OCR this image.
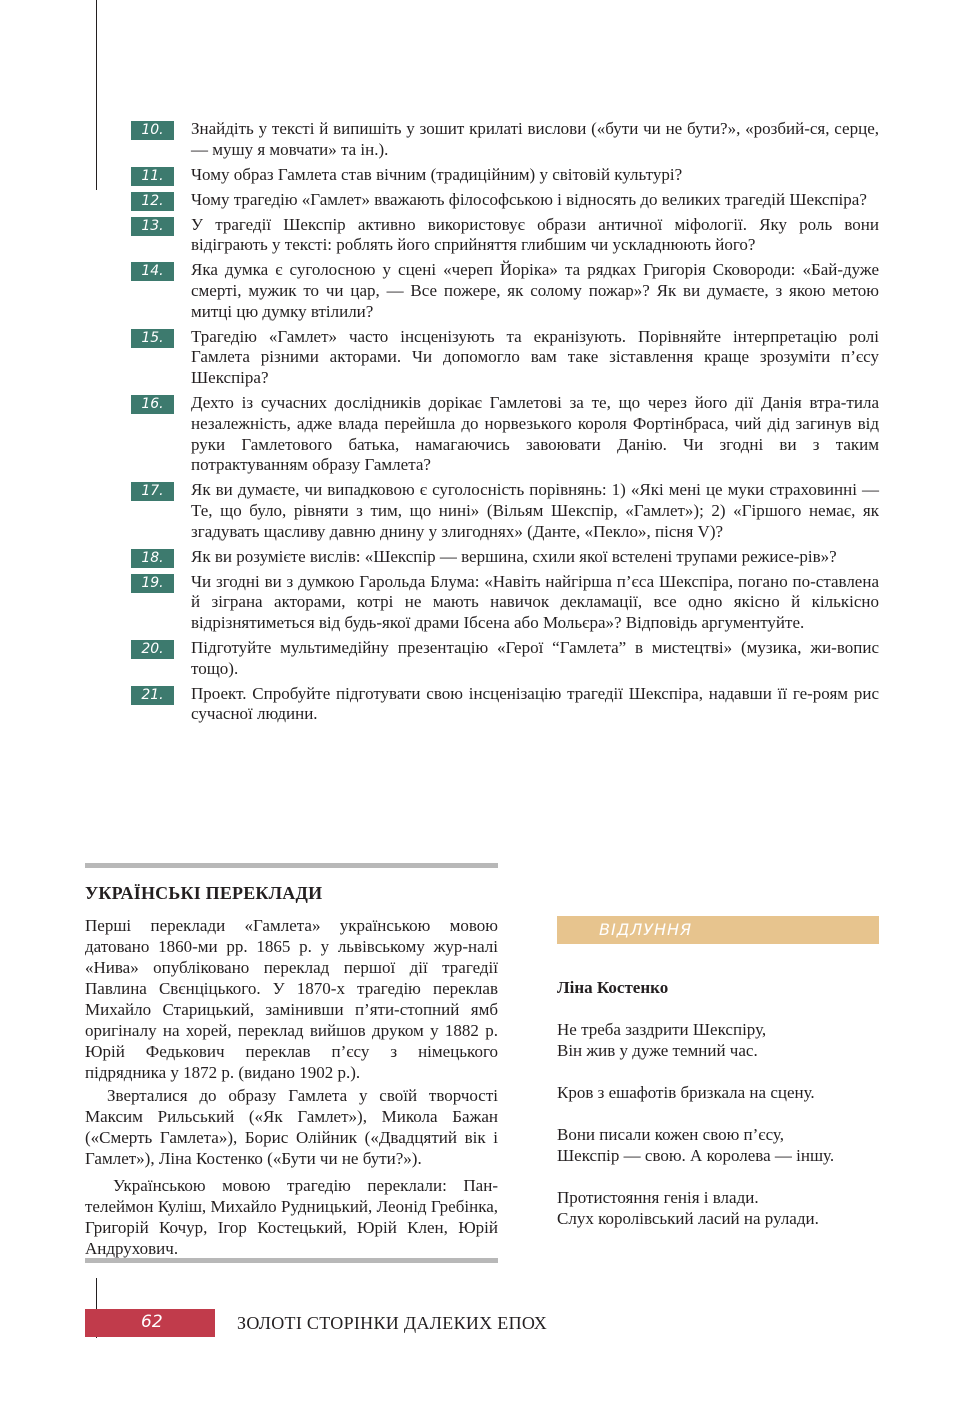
10.	Знайдіть у тексті й випишіть у зошит крилаті вислови («бути чи не бути?», «розбий-ся, серце, — мушу я мовчати» та ін.).
11.	Чому образ Гамлета став вічним (традиційним) у світовій культурі?
12.	Чому трагедію «Гамлет» вважають філософською і відносять до великих трагедій Шекспіра?
13.	У трагедії Шекспір активно використовує образи античної міфології. Яку роль вони відіграють у тексті: роблять його сприйняття глибшим чи ускладнюють його?
14.	Яка думка є суголосною у сцені «череп Йоріка» та рядках Григорія Сковороди: «Бай-дуже смерті, мужик то чи цар, — Все пожере, як солому пожар»? Як ви думаєте, з якою метою митці цю думку втілили?
15.	Трагедію «Гамлет» часто інсценізують та екранізують. Порівняйте інтерпретацію ролі Гамлета різними акторами. Чи допомогло вам таке зіставлення краще зрозуміти п’єсу Шекспіра?
16.	Дехто із сучасних дослідників дорікає Гамлетові за те, що через його дії Данія втра-тила незалежність, адже влада перейшла до норвезького короля Фортінбраса, чий дід загинув від руки Гамлетового батька, намагаючись завоювати Данію. Чи згодні ви з таким потрактуванням образу Гамлета?
17.	Як ви думаєте, чи випадковою є суголосність порівнянь: 1) «Які мені це муки страховинні — Те, що було, рівняти з тим, що нині» (Вільям Шекспір, «Гамлет»); 2) «Гіршого немає, як згадувать щасливу давню днину у злигоднях» (Данте, «Пекло», пісня V)?
18.	Як ви розумієте вислів: «Шекспір — вершина, схили якої встелені трупами режисе-рів»?
19.	Чи згодні ви з думкою Гарольда Блума: «Навіть найгірша п’єса Шекспіра, погано по-ставлена й зіграна акторами, котрі не мають навичок декламації, все одно якісно й кількісно відрізнятиметься від будь-якої драми Ібсена або Мольєра»? Відповідь аргументуйте.
20.	Підготуйте мультимедійну презентацію «Герої “Гамлета” в мистецтві» (музика, жи-вопис тощо).
21.	Проект. Спробуйте підготувати свою інсценізацію трагедії Шекспіра, надавши її ге-роям рис сучасної людини.
УКРАЇНСЬКІ ПЕРЕКЛАДИ

Перші переклади «Гамлета» українською мовою датовано 1860-ми рр. 1865 р. у львівському жур-налі «Нива» опубліковано переклад першої дії трагедії Павлина Свєнціцького. У 1870-х трагедію переклав Михайло Старицький, замінивши п’яти-стопний ямб оригіналу на хорей, переклад вийшов друком у 1882 р. Юрій Федькович переклав п’єсу з німецького підрядника у 1872 р. (видано 1902 р.).

Зверталися до образу Гамлета у своїй творчості Максим Рильський («Як Гамлет»), Микола Бажан («Смерть Гамлета»), Борис Олійник («Двадцятий вік і Гамлет»), Ліна Костенко («Бути чи не бути?»).

Українською мовою трагедію переклали: Пан-телеймон Куліш, Михайло Рудницький, Леонід Гребінка, Григорій Кочур, Ігор Костецький, Юрій Клен, Юрій Андрухович.

ВІДЛУННЯ
Ліна Костенко
Не треба заздрити Шекспіру,
Він жив у дуже темний час.
Кров з ешафотів бризкала на сцену.
Вони писали кожен свою п’єсу,
Шекспір — свою. А королева — іншу.
Протистояння генія і влади.
Слух королівський ласий на рулади.
62	ЗОЛОТІ СТОРІНКИ ДАЛЕКИХ ЕПОХ
